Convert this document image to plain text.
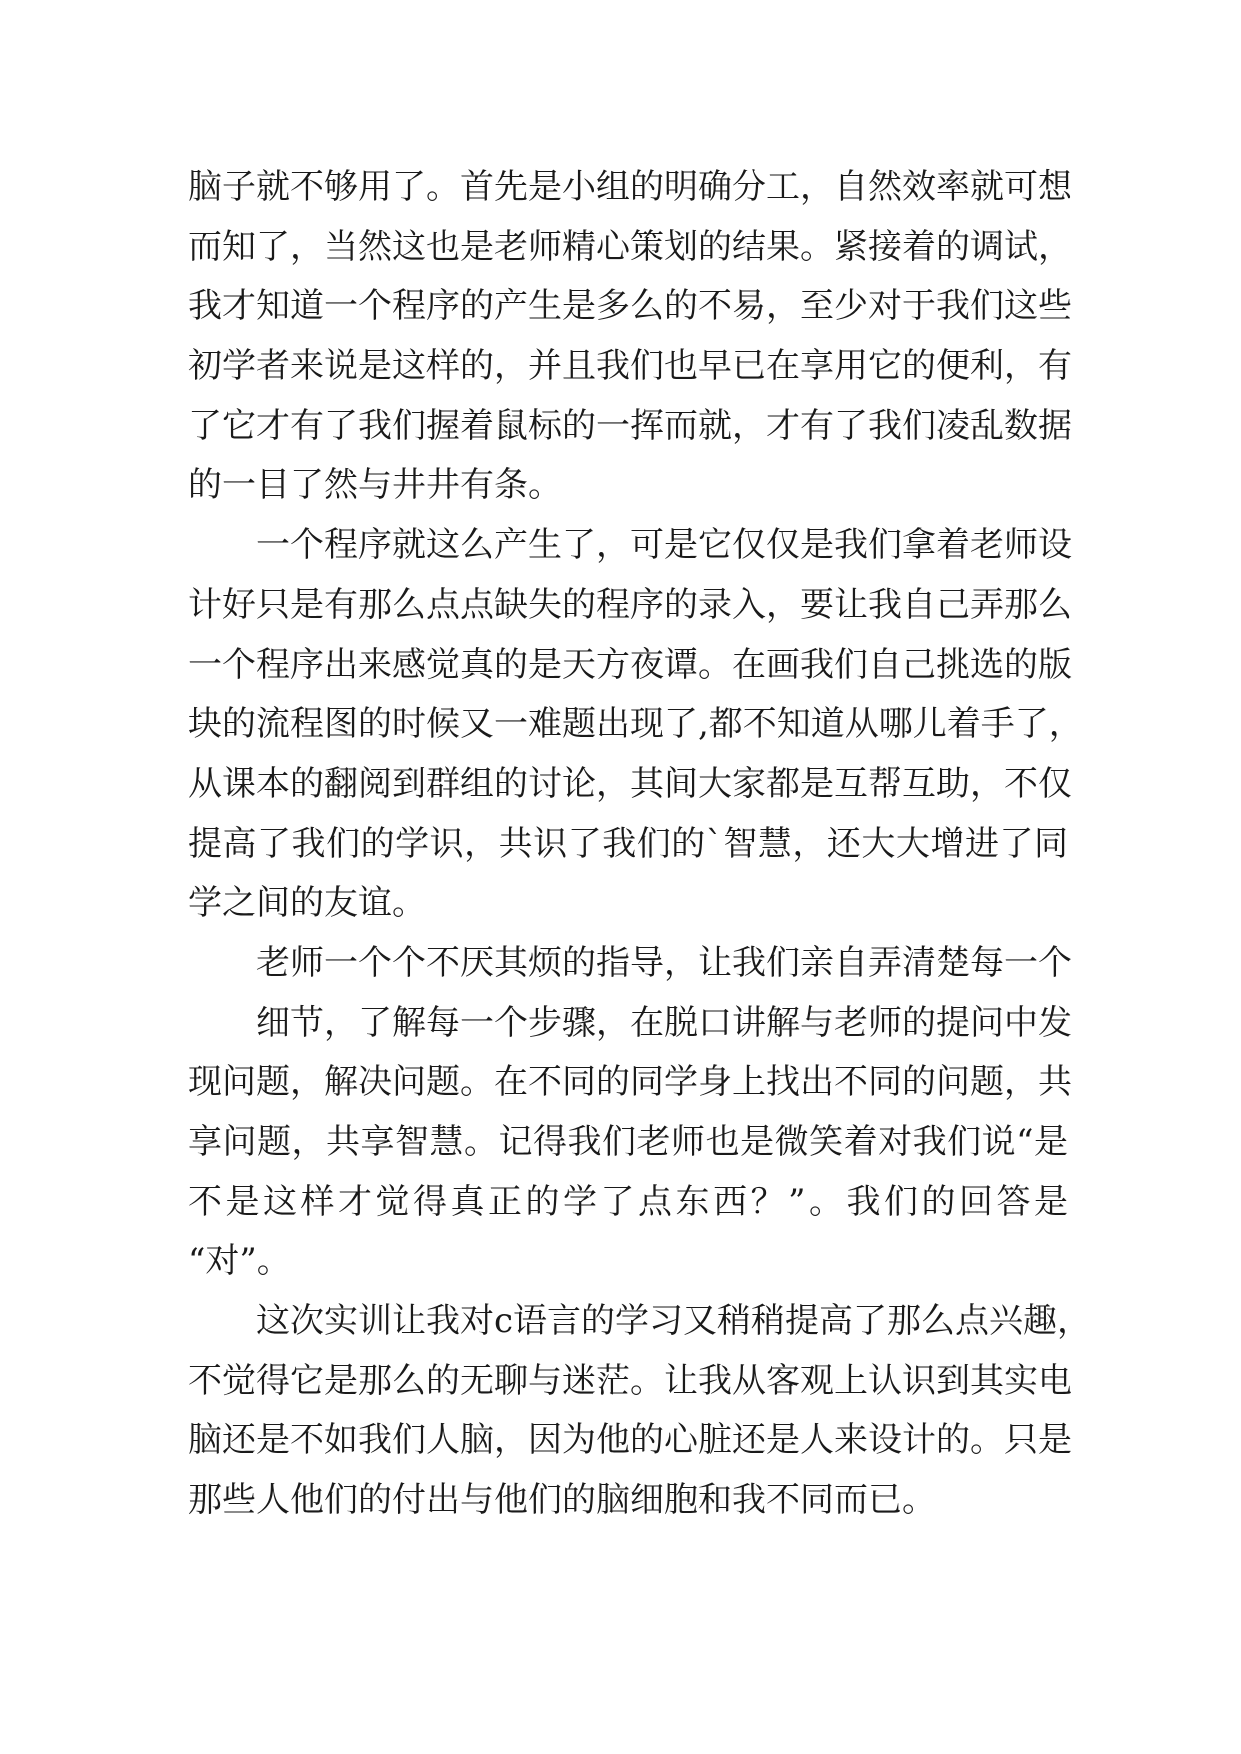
脑子就不够用了。首先是小组的明确分工，自然效率就可想
而知了，当然这也是老师精心策划的结果。紧接着的调试，
我才知道一个程序的产生是多么的不易，至少对于我们这些
初学者来说是这样的，并且我们也早已在享用它的便利，有
了它才有了我们握着鼠标的一挥而就，才有了我们凌乱数据
的一目了然与井井有条。
一个程序就这么产生了，可是它仅仅是我们拿着老师设
计好只是有那么点点缺失的程序的录入，要让我自己弄那么
一个程序出来感觉真的是天方夜谭。在画我们自己挑选的版
块的流程图的时候又一难题出现了,都不知道从哪儿着手了，
从课本的翻阅到群组的讨论，其间大家都是互帮互助，不仅
提高了我们的学识，共识了我们的`智慧，还大大增进了同
学之间的友谊。
老师一个个不厌其烦的指导，让我们亲自弄清楚每一个
细节，了解每一个步骤，在脱口讲解与老师的提问中发
现问题，解决问题。在不同的同学身上找出不同的问题，共
享问题，共享智慧。记得我们老师也是微笑着对我们说“是
不是这样才觉得真正的学了点东西？”。我们的回答是
“对”。
这次实训让我对c语言的学习又稍稍提高了那么点兴趣，
不觉得它是那么的无聊与迷茫。让我从客观上认识到其实电
脑还是不如我们人脑，因为他的心脏还是人来设计的。只是
那些人他们的付出与他们的脑细胞和我不同而已。
